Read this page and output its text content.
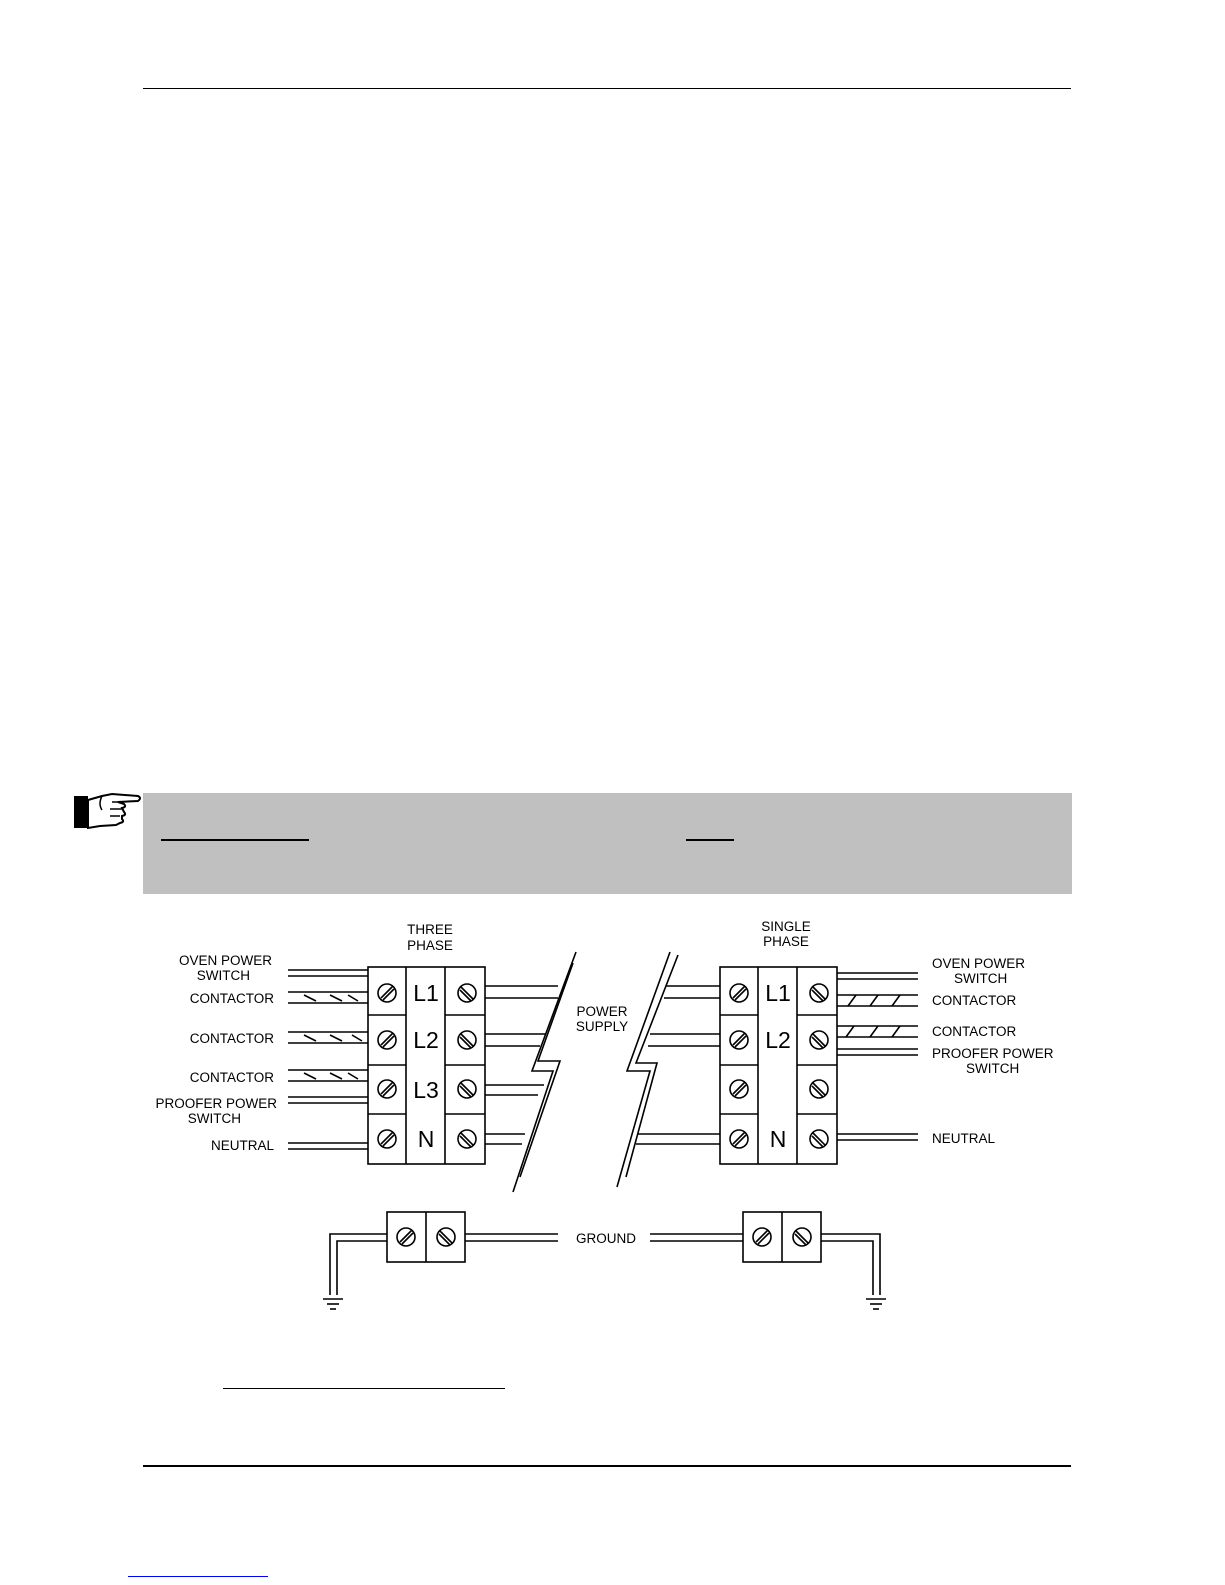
THREE
PHASE
L1
L2
L3
N
OVEN POWER
SWITCH
CONTACTOR
CONTACTOR
CONTACTOR
PROOFER POWER
SWITCH
NEUTRAL
POWER
SUPPLY
SINGLE
PHASE
L1
L2
N
OVEN POWER
SWITCH
CONTACTOR
CONTACTOR
PROOFER POWER
SWITCH
NEUTRAL
GROUND
